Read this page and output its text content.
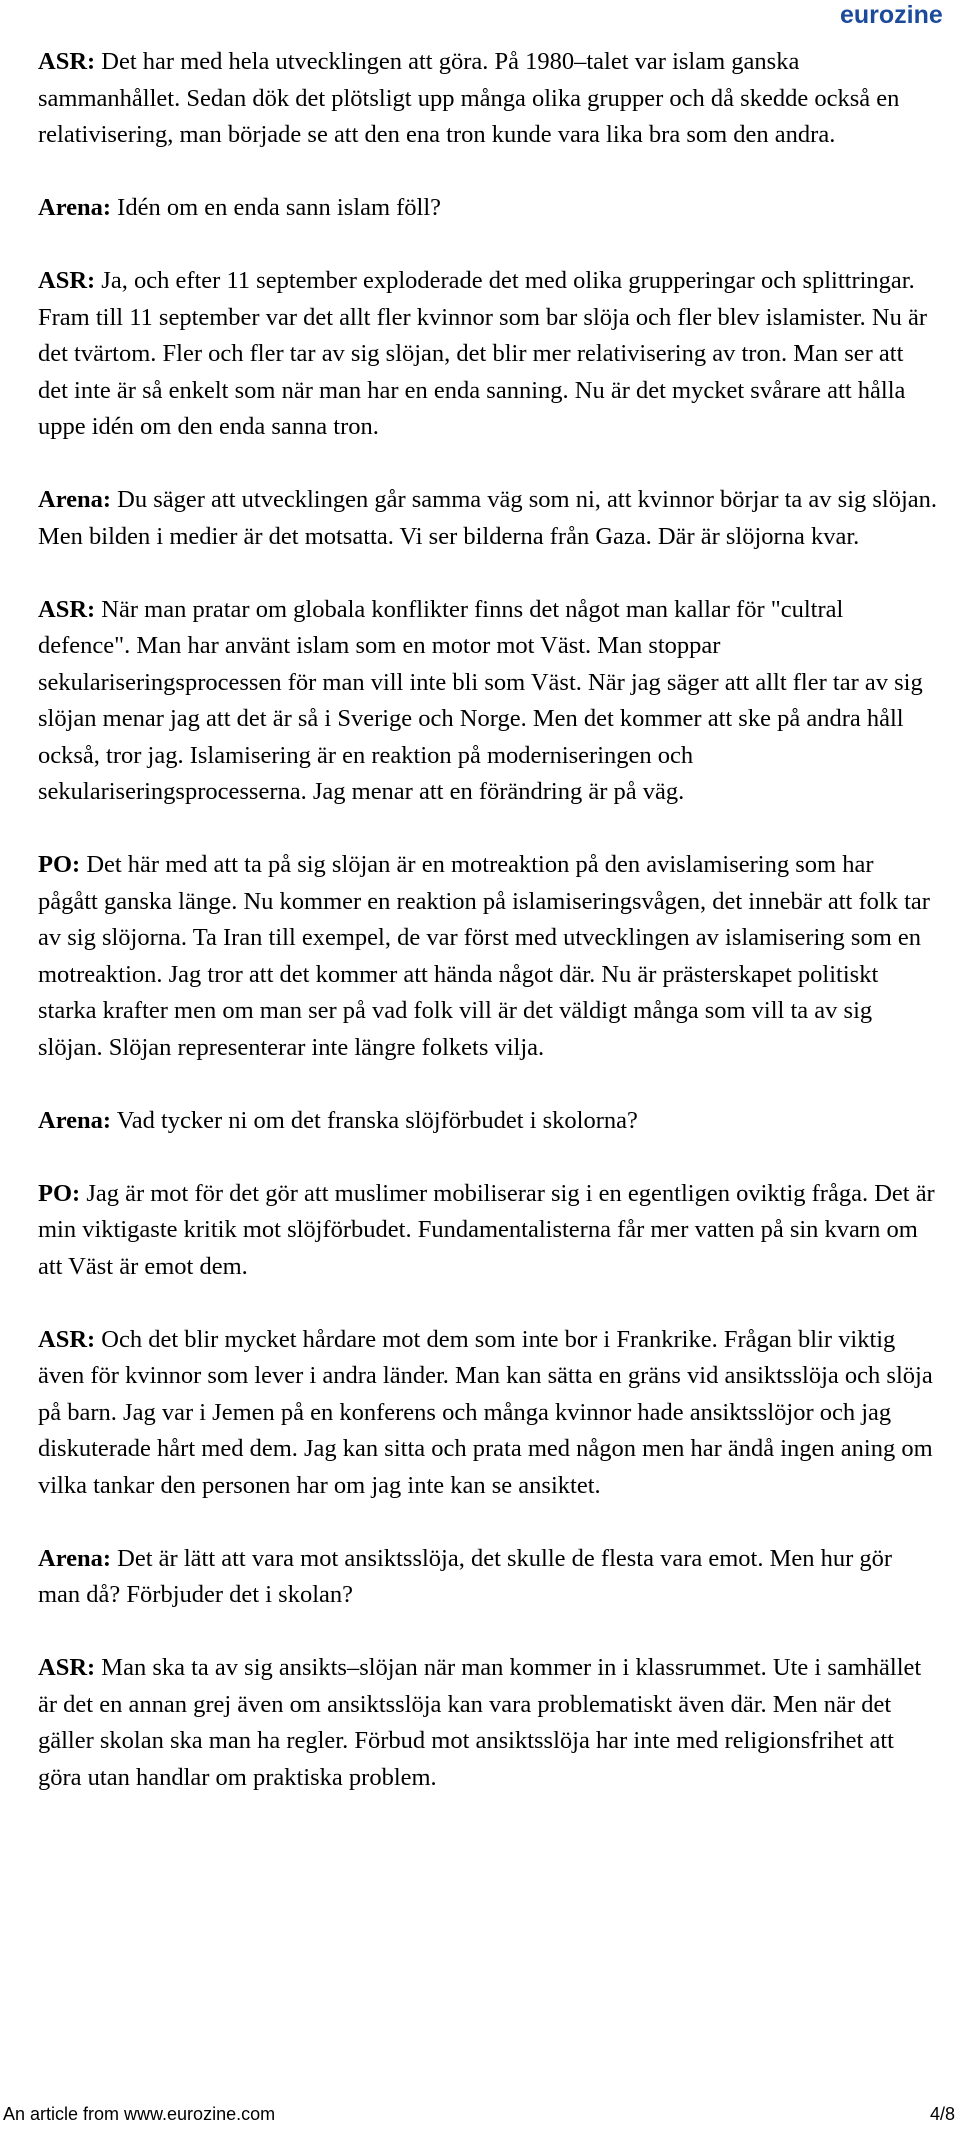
eurozine

ASR: Det har med hela utvecklingen att göra. På 1980–talet var islam ganska sammanhållet. Sedan dök det plötsligt upp många olika grupper och då skedde också en relativisering, man började se att den ena tron kunde vara lika bra som den andra.

Arena: Idén om en enda sann islam föll?

ASR: Ja, och efter 11 september exploderade det med olika grupperingar och splittringar. Fram till 11 september var det allt fler kvinnor som bar slöja och fler blev islamister. Nu är det tvärtom. Fler och fler tar av sig slöjan, det blir mer relativisering av tron. Man ser att det inte är så enkelt som när man har en enda sanning. Nu är det mycket svårare att hålla uppe idén om den enda sanna tron.

Arena: Du säger att utvecklingen går samma väg som ni, att kvinnor börjar ta av sig slöjan. Men bilden i medier är det motsatta. Vi ser bilderna från Gaza. Där är slöjorna kvar.

ASR: När man pratar om globala konflikter finns det något man kallar för "cultral defence". Man har använt islam som en motor mot Väst. Man stoppar sekulariseringsprocessen för man vill inte bli som Väst. När jag säger att allt fler tar av sig slöjan menar jag att det är så i Sverige och Norge. Men det kommer att ske på andra håll också, tror jag. Islamisering är en reaktion på moderniseringen och sekulariseringsprocesserna. Jag menar att en förändring är på väg.

PO: Det här med att ta på sig slöjan är en motreaktion på den avislamisering som har pågått ganska länge. Nu kommer en reaktion på islamiseringsvågen, det innebär att folk tar av sig slöjorna. Ta Iran till exempel, de var först med utvecklingen av islamisering som en motreaktion. Jag tror att det kommer att hända något där. Nu är prästerskapet politiskt starka krafter men om man ser på vad folk vill är det väldigt många som vill ta av sig slöjan. Slöjan representerar inte längre folkets vilja.

Arena: Vad tycker ni om det franska slöjförbudet i skolorna?

PO: Jag är mot för det gör att muslimer mobiliserar sig i en egentligen oviktig fråga. Det är min viktigaste kritik mot slöjförbudet. Fundamentalisterna får mer vatten på sin kvarn om att Väst är emot dem.

ASR: Och det blir mycket hårdare mot dem som inte bor i Frankrike. Frågan blir viktig även för kvinnor som lever i andra länder. Man kan sätta en gräns vid ansiktsslöja och slöja på barn. Jag var i Jemen på en konferens och många kvinnor hade ansiktsslöjor och jag diskuterade hårt med dem. Jag kan sitta och prata med någon men har ändå ingen aning om vilka tankar den personen har om jag inte kan se ansiktet.

Arena: Det är lätt att vara mot ansiktsslöja, det skulle de flesta vara emot. Men hur gör man då? Förbjuder det i skolan?

ASR: Man ska ta av sig ansikts–slöjan när man kommer in i klassrummet. Ute i samhället är det en annan grej även om ansiktsslöja kan vara problematiskt även där. Men när det gäller skolan ska man ha regler. Förbud mot ansiktsslöja har inte med religionsfrihet att göra utan handlar om praktiska problem.

An article from www.eurozine.com	4/8
